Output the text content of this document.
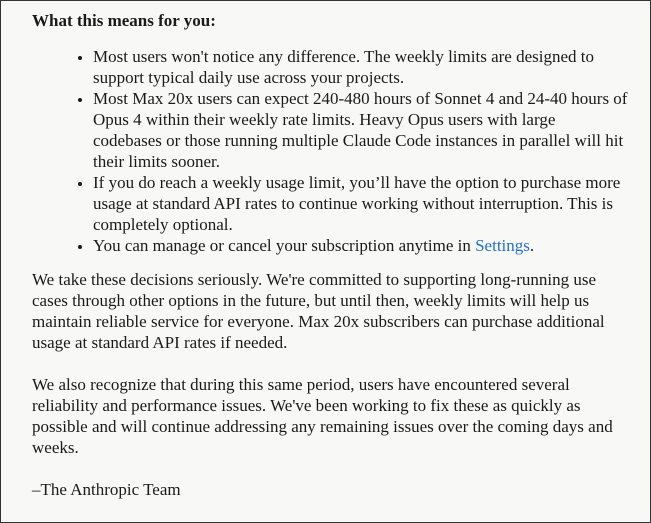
What this means for you:
• Most users won't notice any difference. The weekly limits are designed to support typical daily use across your projects.
• Most Max 20x users can expect 240-480 hours of Sonnet 4 and 24-40 hours of Opus 4 within their weekly rate limits. Heavy Opus users with large codebases or those running multiple Claude Code instances in parallel will hit their limits sooner.
• If you do reach a weekly usage limit, you’ll have the option to purchase more usage at standard API rates to continue working without interruption. This is completely optional.
• You can manage or cancel your subscription anytime in Settings.

We take these decisions seriously. We're committed to supporting long-running use cases through other options in the future, but until then, weekly limits will help us maintain reliable service for everyone. Max 20x subscribers can purchase additional usage at standard API rates if needed.

We also recognize that during this same period, users have encountered several reliability and performance issues. We've been working to fix these as quickly as possible and will continue addressing any remaining issues over the coming days and weeks.

–The Anthropic Team
